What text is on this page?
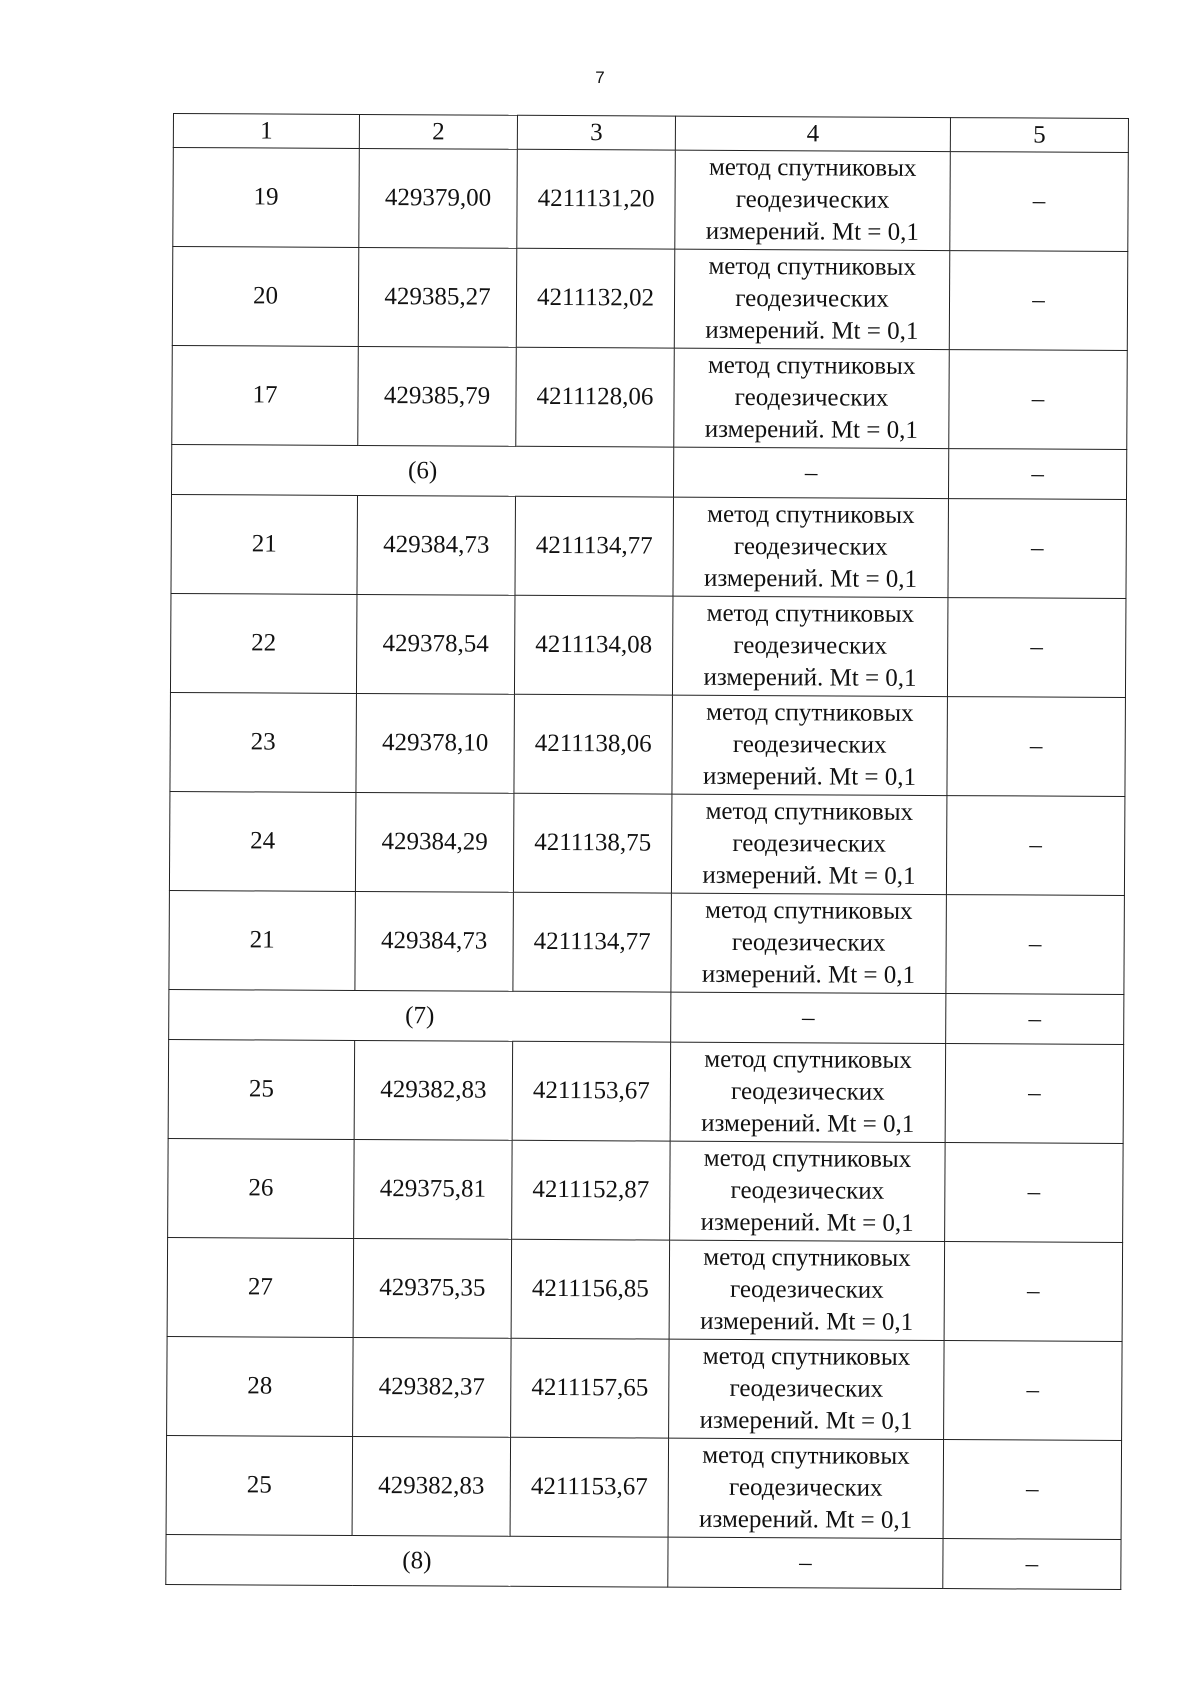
7
1	2	3	4	5
19	429379,00	4211131,20	метод спутниковых геодезических измерений. Mt = 0,1	–
20	429385,27	4211132,02	метод спутниковых геодезических измерений. Mt = 0,1	–
17	429385,79	4211128,06	метод спутниковых геодезических измерений. Mt = 0,1	–
(6)			–	–
21	429384,73	4211134,77	метод спутниковых геодезических измерений. Mt = 0,1	–
22	429378,54	4211134,08	метод спутниковых геодезических измерений. Mt = 0,1	–
23	429378,10	4211138,06	метод спутниковых геодезических измерений. Mt = 0,1	–
24	429384,29	4211138,75	метод спутниковых геодезических измерений. Mt = 0,1	–
21	429384,73	4211134,77	метод спутниковых геодезических измерений. Mt = 0,1	–
(7)			–	–
25	429382,83	4211153,67	метод спутниковых геодезических измерений. Mt = 0,1	–
26	429375,81	4211152,87	метод спутниковых геодезических измерений. Mt = 0,1	–
27	429375,35	4211156,85	метод спутниковых геодезических измерений. Mt = 0,1	–
28	429382,37	4211157,65	метод спутниковых геодезических измерений. Mt = 0,1	–
25	429382,83	4211153,67	метод спутниковых геодезических измерений. Mt = 0,1	–
(8)			–	–
